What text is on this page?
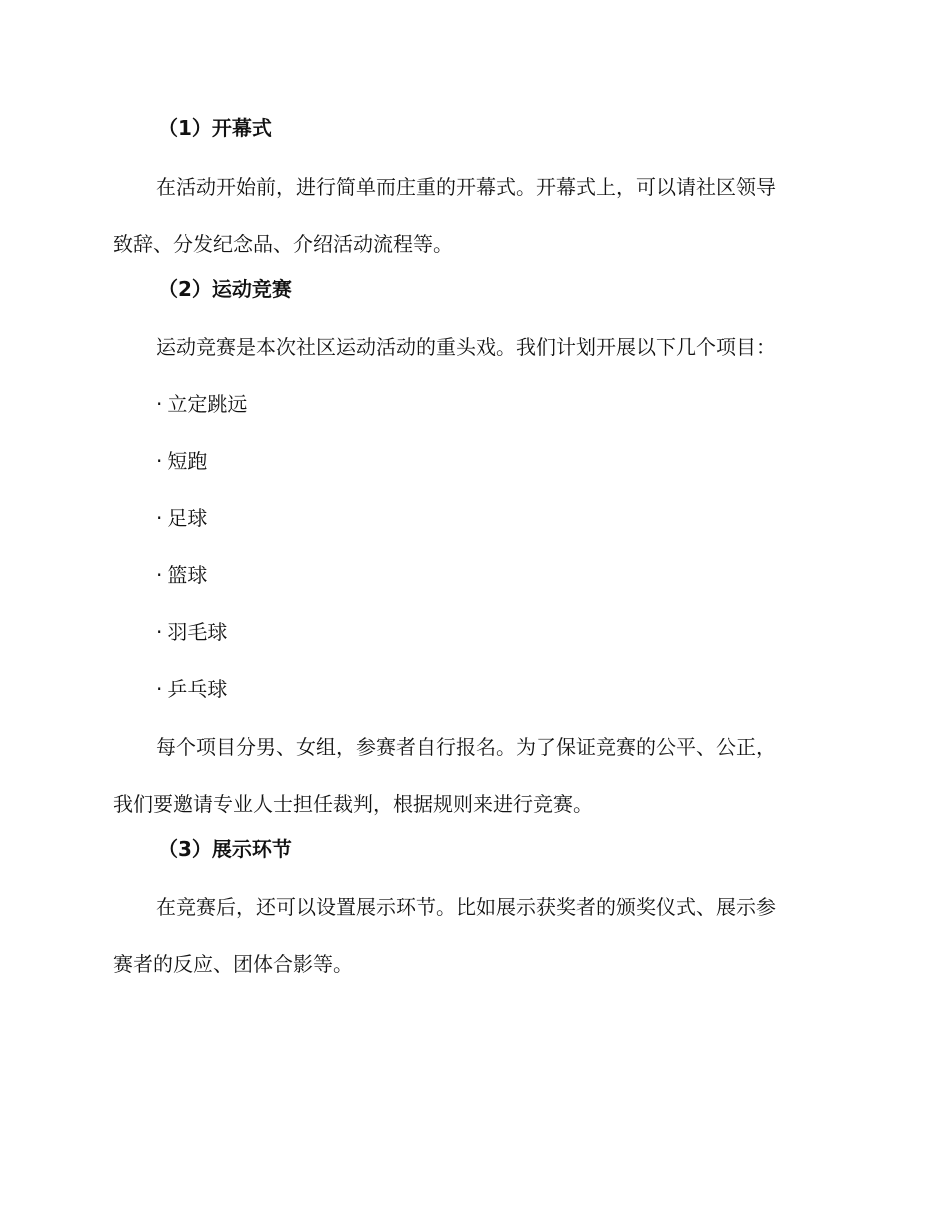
（1）开幕式

在活动开始前，进行简单而庄重的开幕式。开幕式上，可以请社区领导
致辞、分发纪念品、介绍活动流程等。

（2）运动竞赛

运动竞赛是本次社区运动活动的重头戏。我们计划开展以下几个项目：

· 立定跳远
· 短跑
· 足球
· 篮球
· 羽毛球
· 乒乓球

每个项目分男、女组，参赛者自行报名。为了保证竞赛的公平、公正，
我们要邀请专业人士担任裁判，根据规则来进行竞赛。

（3）展示环节

在竞赛后，还可以设置展示环节。比如展示获奖者的颁奖仪式、展示参
赛者的反应、团体合影等。
